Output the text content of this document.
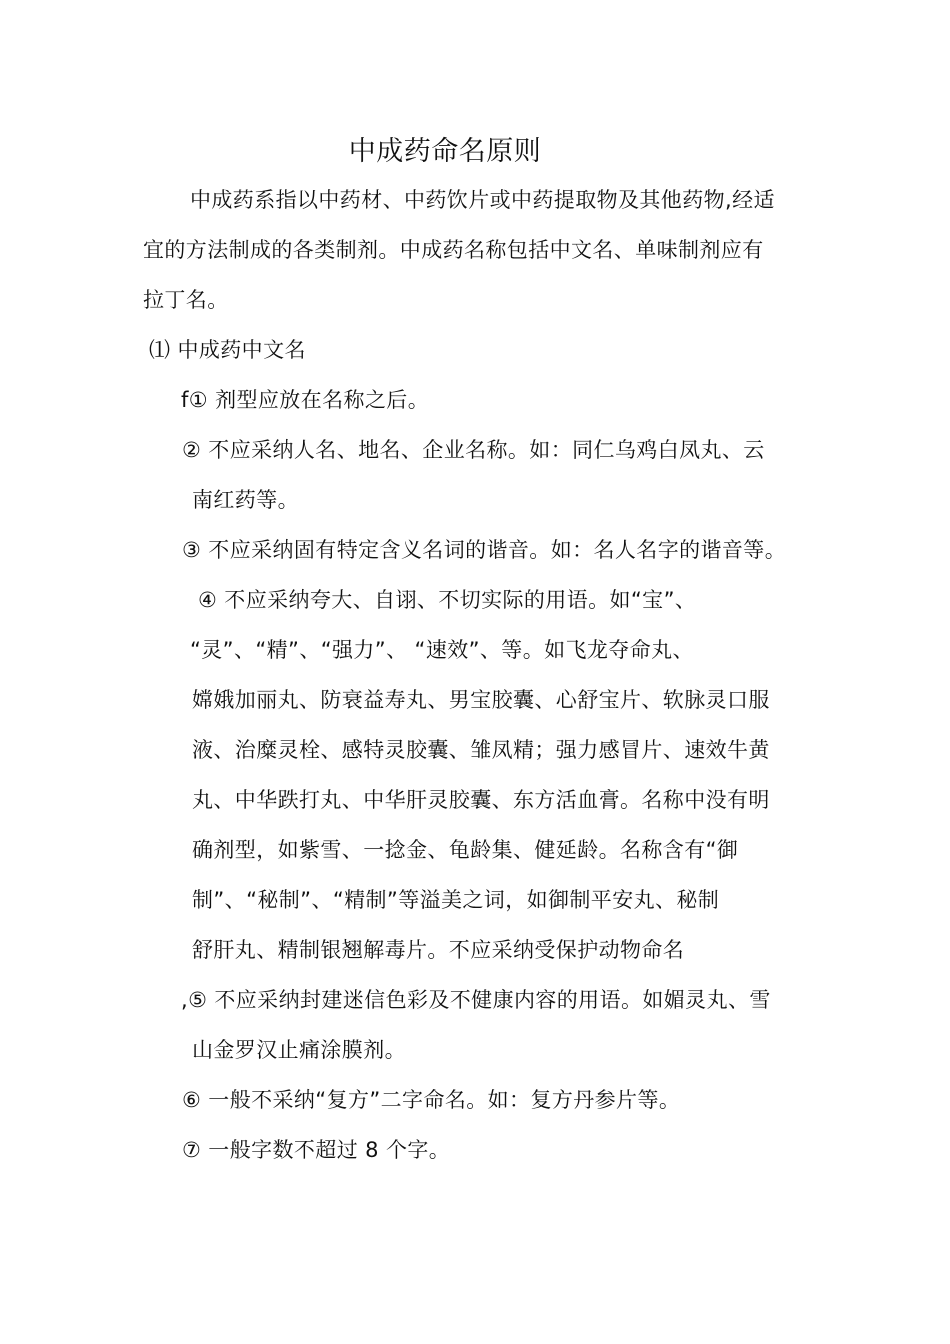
中成药命名原则
中成药系指以中药材、中药饮片或中药提取物及其他药物,经适
宜的方法制成的各类制剂。中成药名称包括中文名、单味制剂应有
拉丁名。
⑴ 中成药中文名
f① 剂型应放在名称之后。
② 不应采纳人名、地名、企业名称。如：同仁乌鸡白凤丸、云
南红药等。
③ 不应采纳固有特定含义名词的谐音。如：名人名字的谐音等。
④ 不应采纳夸大、自诩、不切实际的用语。如“宝”、
“灵”、“精”、“强力”、 “速效”、等。如飞龙夺命丸、
嫦娥加丽丸、防衰益寿丸、男宝胶囊、心舒宝片、软脉灵口服
液、治糜灵栓、感特灵胶囊、雏凤精；强力感冒片、速效牛黄
丸、中华跌打丸、中华肝灵胶囊、东方活血膏。名称中没有明
确剂型，如紫雪、一捻金、龟龄集、健延龄。名称含有“御
制”、“秘制”、“精制”等溢美之词，如御制平安丸、秘制
舒肝丸、精制银翘解毒片。不应采纳受保护动物命名
,⑤ 不应采纳封建迷信色彩及不健康内容的用语。如媚灵丸、雪
山金罗汉止痛涂膜剂。
⑥ 一般不采纳“复方”二字命名。如：复方丹参片等。
⑦ 一般字数不超过 8 个字。
